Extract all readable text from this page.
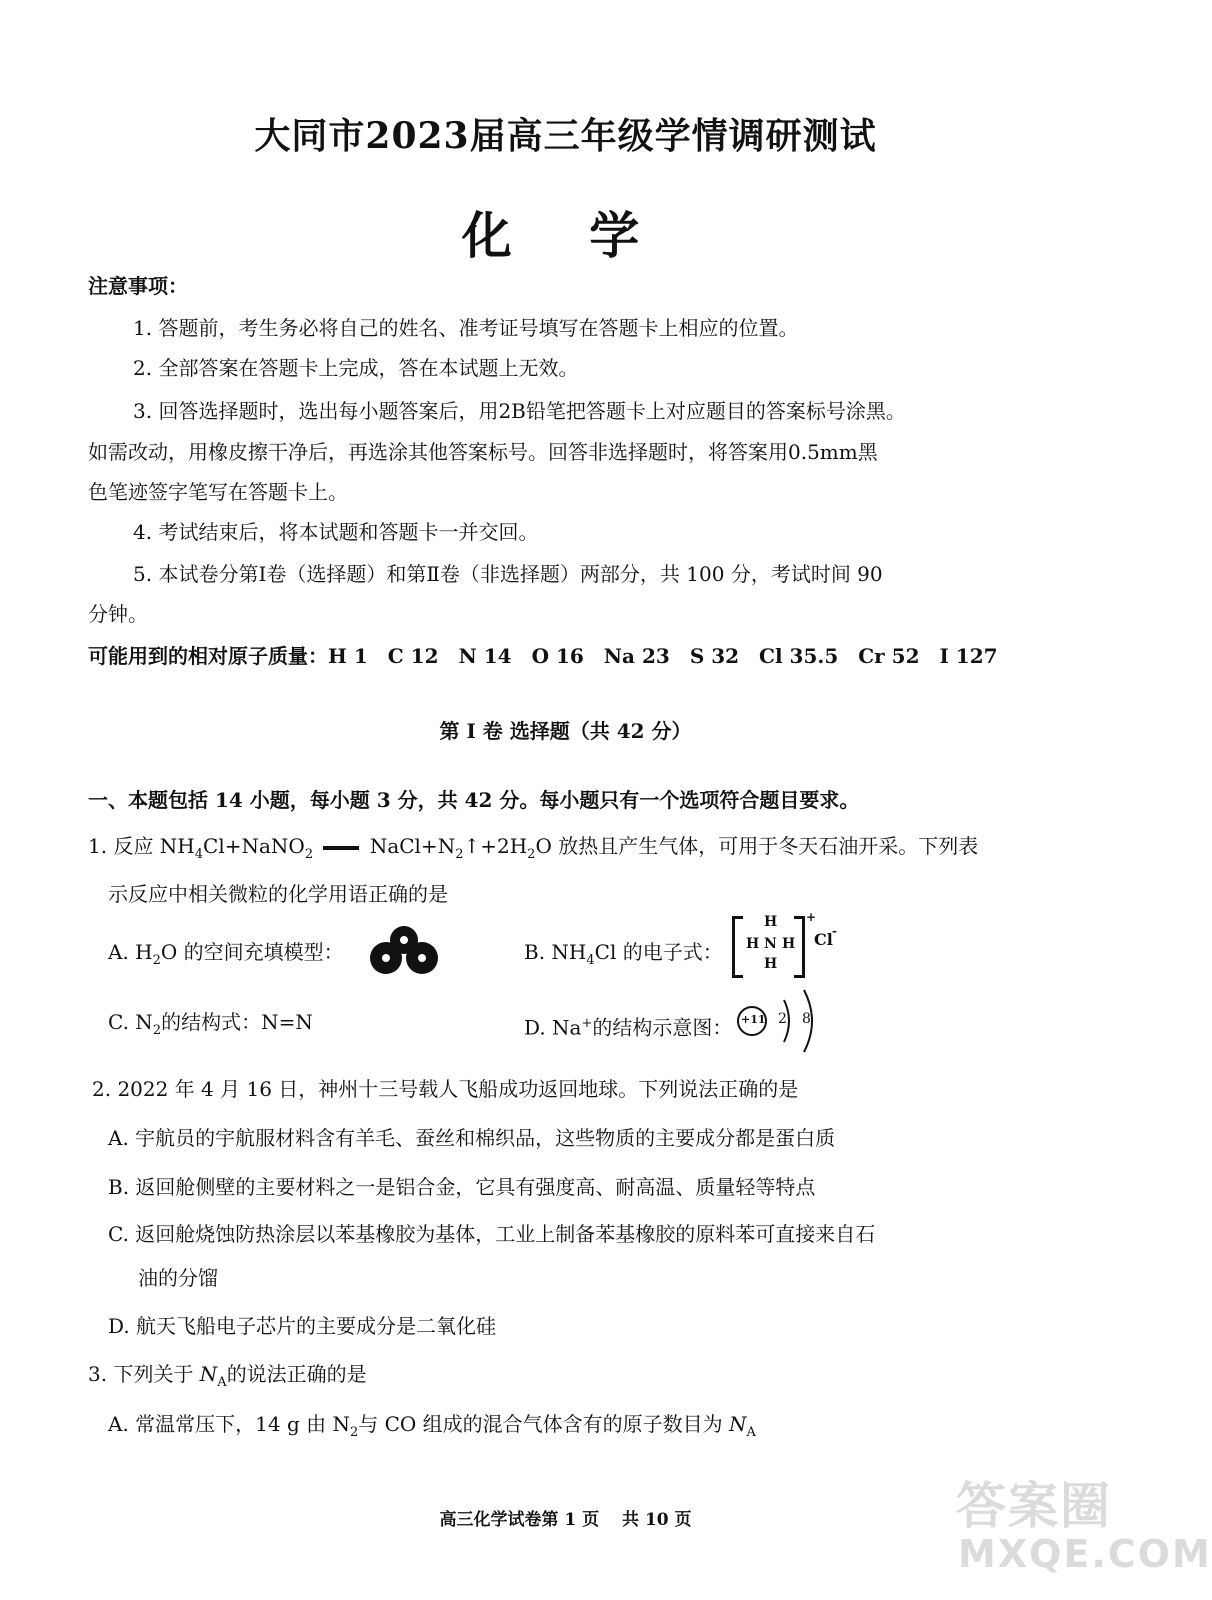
大同市2023届高三年级学情调研测试
化 学
注意事项：
1. 答题前，考生务必将自己的姓名、准考证号填写在答题卡上相应的位置。
2. 全部答案在答题卡上完成，答在本试题上无效。
3. 回答选择题时，选出每小题答案后，用2B铅笔把答题卡上对应题目的答案标号涂黑。
如需改动，用橡皮擦干净后，再选涂其他答案标号。回答非选择题时，将答案用0.5mm黑
色笔迹签字笔写在答题卡上。
4. 考试结束后，将本试题和答题卡一并交回。
5. 本试卷分第Ⅰ卷（选择题）和第Ⅱ卷（非选择题）两部分，共 100 分，考试时间 90
分钟。
可能用到的相对原子质量：H 1　C 12　N 14　O 16　Na 23　S 32　Cl 35.5　Cr 52　I 127
第 I 卷 选择题（共 42 分）
一、本题包括 14 小题，每小题 3 分，共 42 分。每小题只有一个选项符合题目要求。
1. 反应 $NH_4Cl+NaNO_2$	$NaCl+N_2↑+2H_2O$ 放热且产生气体，可用于冬天石油开采。下列表
示反应中相关微粒的化学用语正确的是
A. $H_2O$ 的空间充填模型：	B. $NH_4Cl$ 的电子式：
H
H N H
H
+
Cl -
C. $N_2$的结构式：N=N	D. Na+的结构示意图： +11 2 8
2. 2022 年 4 月 16 日，神州十三号载人飞船成功返回地球。下列说法正确的是
A. 宇航员的宇航服材料含有羊毛、蚕丝和棉织品，这些物质的主要成分都是蛋白质
B. 返回舱侧壁的主要材料之一是铝合金，它具有强度高、耐高温、质量轻等特点
C. 返回舱烧蚀防热涂层以苯基橡胶为基体，工业上制备苯基橡胶的原料苯可直接来自石
油的分馏
D. 航天飞船电子芯片的主要成分是二氧化硅
3. 下列关于 $N_A$的说法正确的是
A. 常温常压下，14 g 由 $N_2$与 CO 组成的混合气体含有的原子数目为 $N_A$
高三化学试卷第 1 页　 共 10 页	答案圈
MXQE.COM
